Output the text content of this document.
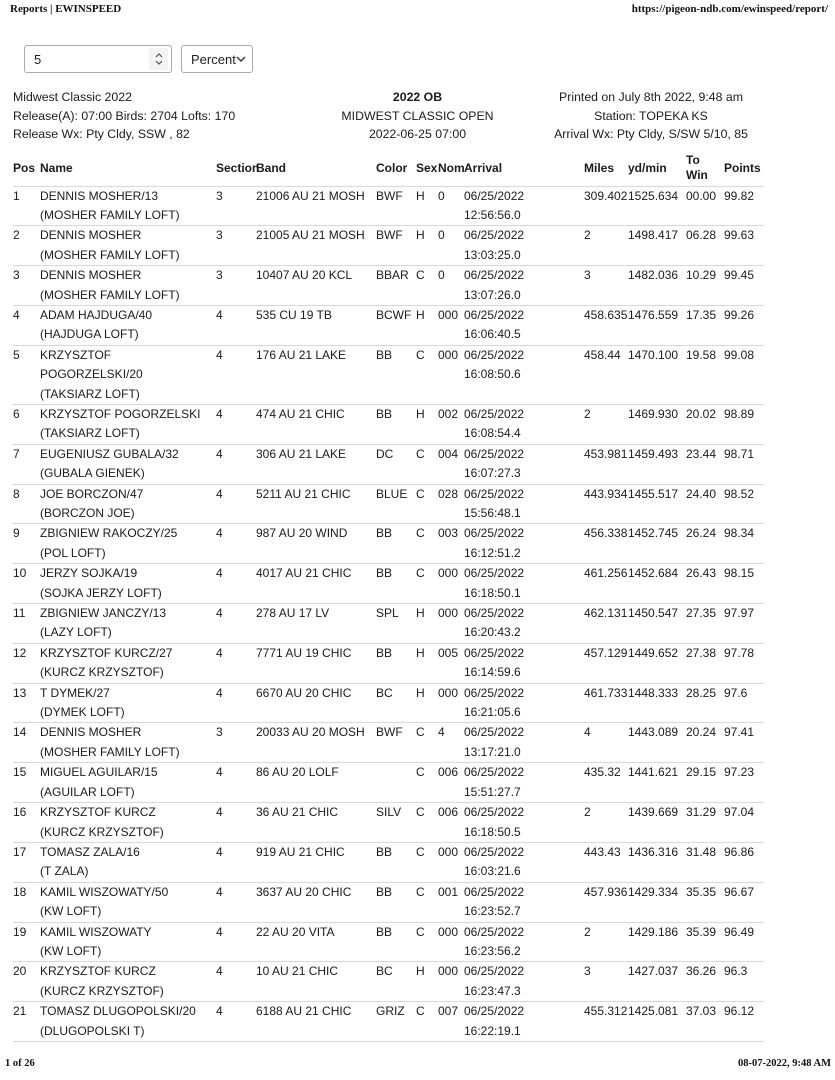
Reports | EWINSPEED	https://pigeon-ndb.com/ewinspeed/report/
5
Percent
Midwest Classic 2022
Release(A): 07:00 Birds: 2704 Lofts: 170
Release Wx: Pty Cldy, SSW , 82
2022 OB
MIDWEST CLASSIC OPEN
2022-06-25 07:00
Printed on July 8th 2022, 9:48 am
Station: TOPEKA KS
Arrival Wx: Pty Cldy, S/SW 5/10, 85
Pos	Name	Section	Band	Color	Sex	Nom	Arrival	Miles	yd/min	To Win	Points
1	DENNIS MOSHER/13
(MOSHER FAMILY LOFT)	3	21006 AU 21 MOSH	BWF	H	0	06/25/2022
12:56:56.0	309.402	1525.634	00.00	99.82
2	DENNIS MOSHER
(MOSHER FAMILY LOFT)	3	21005 AU 21 MOSH	BWF	H	0	06/25/2022
13:03:25.0	2	1498.417	06.28	99.63
3	DENNIS MOSHER
(MOSHER FAMILY LOFT)	3	10407 AU 20 KCL	BBAR	C	0	06/25/2022
13:07:26.0	3	1482.036	10.29	99.45
4	ADAM HAJDUGA/40
(HAJDUGA LOFT)	4	535 CU 19 TB	BCWF	H	000	06/25/2022
16:06:40.5	458.635	1476.559	17.35	99.26
5	KRZYSZTOF POGORZELSKI/20
(TAKSIARZ LOFT)	4	176 AU 21 LAKE	BB	C	000	06/25/2022
16:08:50.6	458.44	1470.100	19.58	99.08
6	KRZYSZTOF POGORZELSKI
(TAKSIARZ LOFT)	4	474 AU 21 CHIC	BB	H	002	06/25/2022
16:08:54.4	2	1469.930	20.02	98.89
7	EUGENIUSZ GUBALA/32
(GUBALA GIENEK)	4	306 AU 21 LAKE	DC	C	004	06/25/2022
16:07:27.3	453.981	1459.493	23.44	98.71
8	JOE BORCZON/47
(BORCZON JOE)	4	5211 AU 21 CHIC	BLUE	C	028	06/25/2022
15:56:48.1	443.934	1455.517	24.40	98.52
9	ZBIGNIEW RAKOCZY/25
(POL LOFT)	4	987 AU 20 WIND	BB	C	003	06/25/2022
16:12:51.2	456.338	1452.745	26.24	98.34
10	JERZY SOJKA/19
(SOJKA JERZY LOFT)	4	4017 AU 21 CHIC	BB	C	000	06/25/2022
16:18:50.1	461.256	1452.684	26.43	98.15
11	ZBIGNIEW JANCZY/13
(LAZY LOFT)	4	278 AU 17 LV	SPL	H	000	06/25/2022
16:20:43.2	462.131	1450.547	27.35	97.97
12	KRZYSZTOF KURCZ/27
(KURCZ KRZYSZTOF)	4	7771 AU 19 CHIC	BB	H	005	06/25/2022
16:14:59.6	457.129	1449.652	27.38	97.78
13	T DYMEK/27
(DYMEK LOFT)	4	6670 AU 20 CHIC	BC	H	000	06/25/2022
16:21:05.6	461.733	1448.333	28.25	97.6
14	DENNIS MOSHER
(MOSHER FAMILY LOFT)	3	20033 AU 20 MOSH	BWF	C	4	06/25/2022
13:17:21.0	4	1443.089	20.24	97.41
15	MIGUEL AGUILAR/15
(AGUILAR LOFT)	4	86 AU 20 LOLF		C	006	06/25/2022
15:51:27.7	435.32	1441.621	29.15	97.23
16	KRZYSZTOF KURCZ
(KURCZ KRZYSZTOF)	4	36 AU 21 CHIC	SILV	C	006	06/25/2022
16:18:50.5	2	1439.669	31.29	97.04
17	TOMASZ ZALA/16
(T ZALA)	4	919 AU 21 CHIC	BB	C	000	06/25/2022
16:03:21.6	443.43	1436.316	31.48	96.86
18	KAMIL WISZOWATY/50
(KW LOFT)	4	3637 AU 20 CHIC	BB	C	001	06/25/2022
16:23:52.7	457.936	1429.334	35.35	96.67
19	KAMIL WISZOWATY
(KW LOFT)	4	22 AU 20 VITA	BB	C	000	06/25/2022
16:23:56.2	2	1429.186	35.39	96.49
20	KRZYSZTOF KURCZ
(KURCZ KRZYSZTOF)	4	10 AU 21 CHIC	BC	H	000	06/25/2022
16:23:47.3	3	1427.037	36.26	96.3
21	TOMASZ DLUGOPOLSKI/20
(DLUGOPOLSKI T)	4	6188 AU 21 CHIC	GRIZ	C	007	06/25/2022
16:22:19.1	455.312	1425.081	37.03	96.12
1 of 26	08-07-2022, 9:48 AM
